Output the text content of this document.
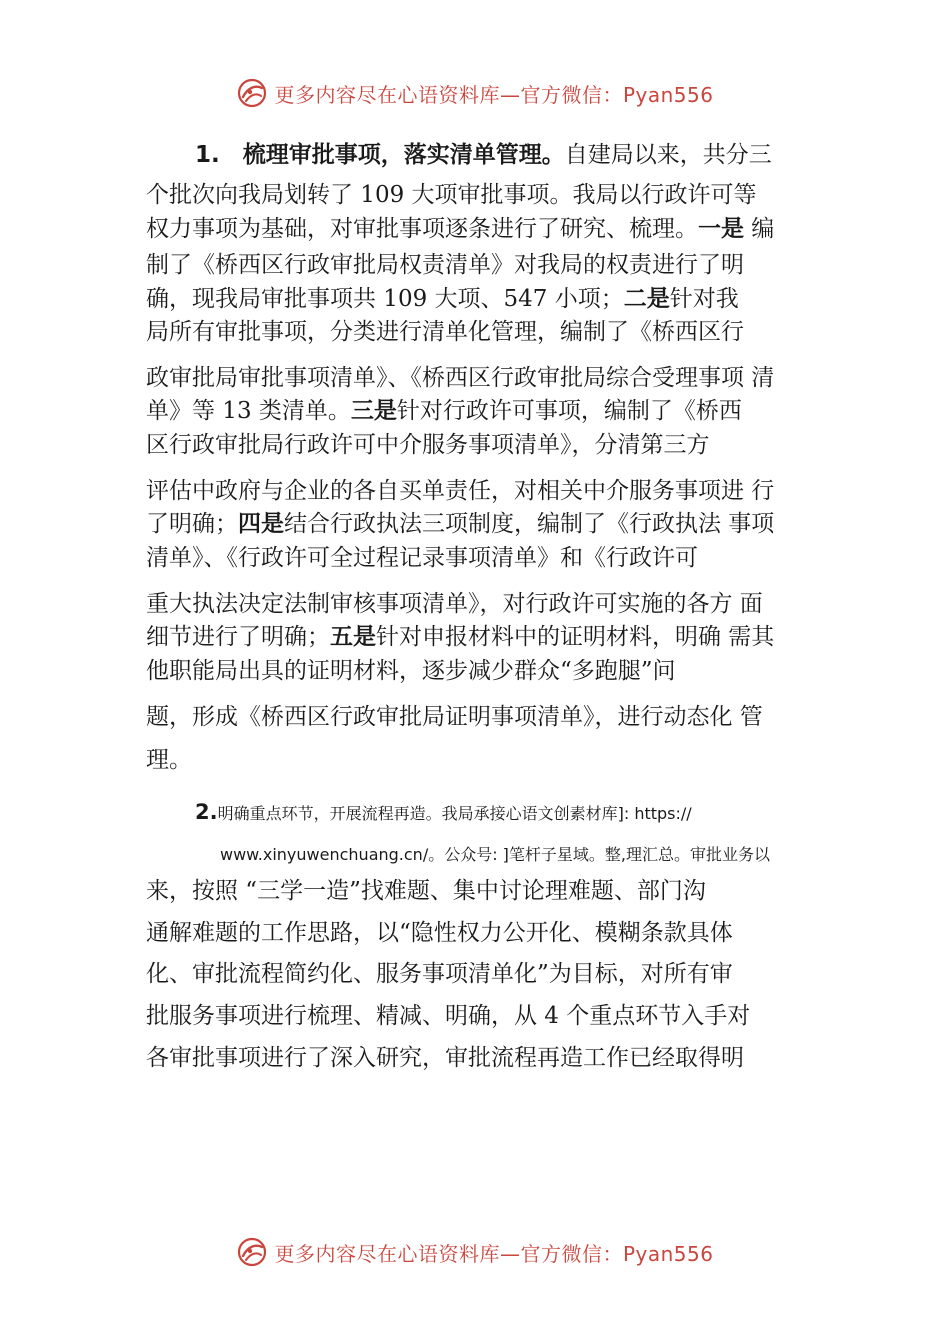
更多内容尽在心语资料库—官方微信：Pyan556
1.　梳理审批事项，落实清单管理。自建局以来，共分三
个批次向我局划转了 109 大项审批事项。我局以行政许可等
权力事项为基础，对审批事项逐条进行了研究、梳理。一是 编
制了《桥西区行政审批局权责清单》对我局的权责进行了明
确，现我局审批事项共 109 大项、547 小项；二是针对我
局所有审批事项，分类进行清单化管理，编制了《桥西区行
政审批局审批事项清单》、《桥西区行政审批局综合受理事项 清
单》等 13 类清单。三是针对行政许可事项，编制了《桥西
区行政审批局行政许可中介服务事项清单》，分清第三方
评估中政府与企业的各自买单责任，对相关中介服务事项进 行
了明确；四是结合行政执法三项制度，编制了《行政执法 事项
清单》、《行政许可全过程记录事项清单》和《行政许可
重大执法决定法制审核事项清单》，对行政许可实施的各方 面
细节进行了明确；五是针对申报材料中的证明材料，明确 需其
他职能局出具的证明材料，逐步减少群众“多跑腿”问
题，形成《桥西区行政审批局证明事项清单》，进行动态化 管
理。
2.明确重点环节，开展流程再造。我局承接心语文创素材库]: https://
www.xinyuwenchuang.cn/。公众号: ]笔杆子星域。整,理汇总。审批业务以
来，按照 “三学一造”找难题、集中讨论理难题、部门沟
通解难题的工作思路，以“隐性权力公开化、模糊条款具体
化、审批流程简约化、服务事项清单化”为目标，对所有审
批服务事项进行梳理、精减、明确，从 4 个重点环节入手对
各审批事项进行了深入研究，审批流程再造工作已经取得明
更多内容尽在心语资料库—官方微信：Pyan556
